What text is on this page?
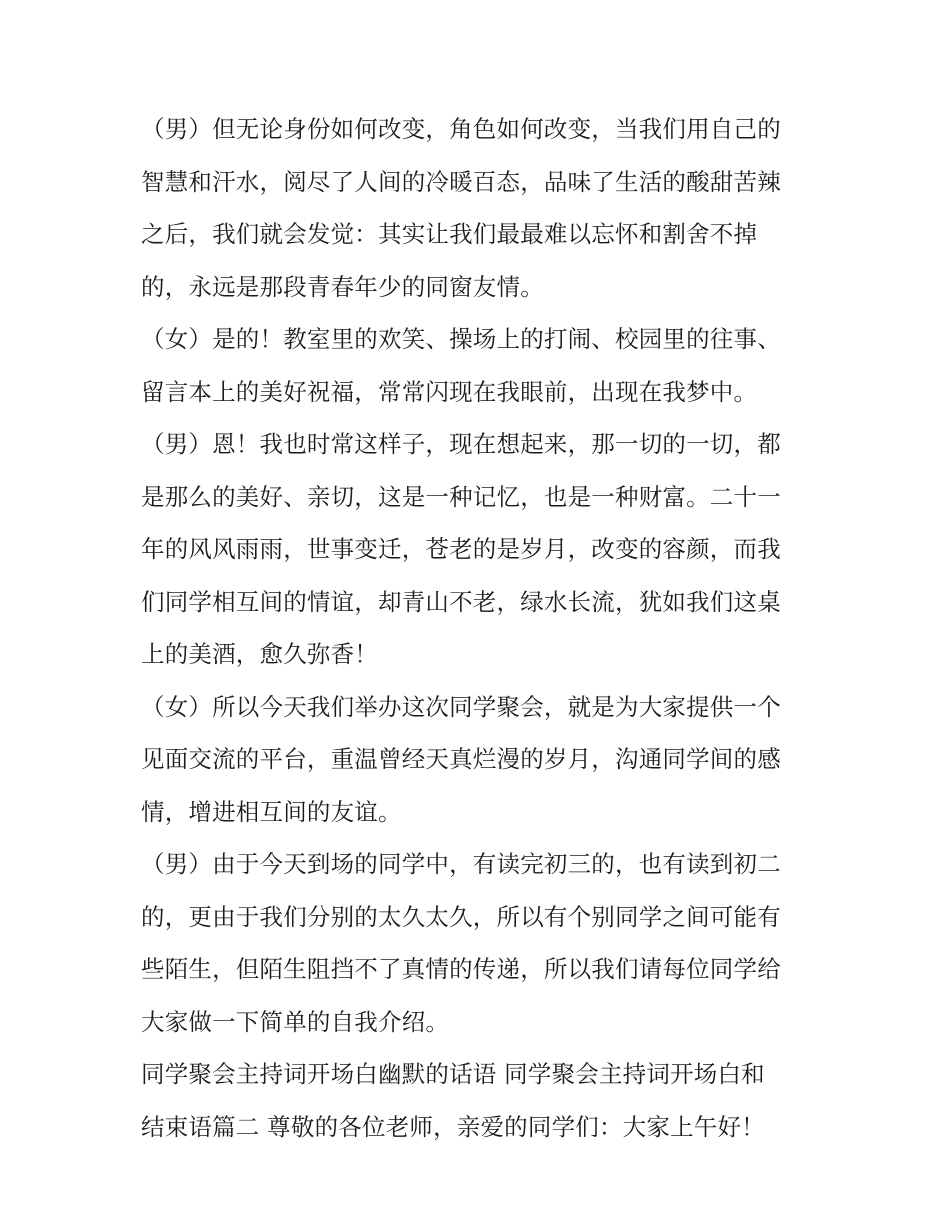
（男）但无论身份如何改变，角色如何改变，当我们用自己的
智慧和汗水，阅尽了人间的冷暖百态，品味了生活的酸甜苦辣
之后，我们就会发觉：其实让我们最最难以忘怀和割舍不掉
的，永远是那段青春年少的同窗友情。
（女）是的！教室里的欢笑、操场上的打闹、校园里的往事、
留言本上的美好祝福，常常闪现在我眼前，出现在我梦中。
（男）恩！我也时常这样子，现在想起来，那一切的一切，都
是那么的美好、亲切，这是一种记忆，也是一种财富。二十一
年的风风雨雨，世事变迁，苍老的是岁月，改变的容颜，而我
们同学相互间的情谊，却青山不老，绿水长流，犹如我们这桌
上的美酒，愈久弥香！
（女）所以今天我们举办这次同学聚会，就是为大家提供一个
见面交流的平台，重温曾经天真烂漫的岁月，沟通同学间的感
情，增进相互间的友谊。
（男）由于今天到场的同学中，有读完初三的，也有读到初二
的，更由于我们分别的太久太久，所以有个别同学之间可能有
些陌生，但陌生阻挡不了真情的传递，所以我们请每位同学给
大家做一下简单的自我介绍。
同学聚会主持词开场白幽默的话语 同学聚会主持词开场白和
结束语篇二 尊敬的各位老师，亲爱的同学们：大家上午好！
